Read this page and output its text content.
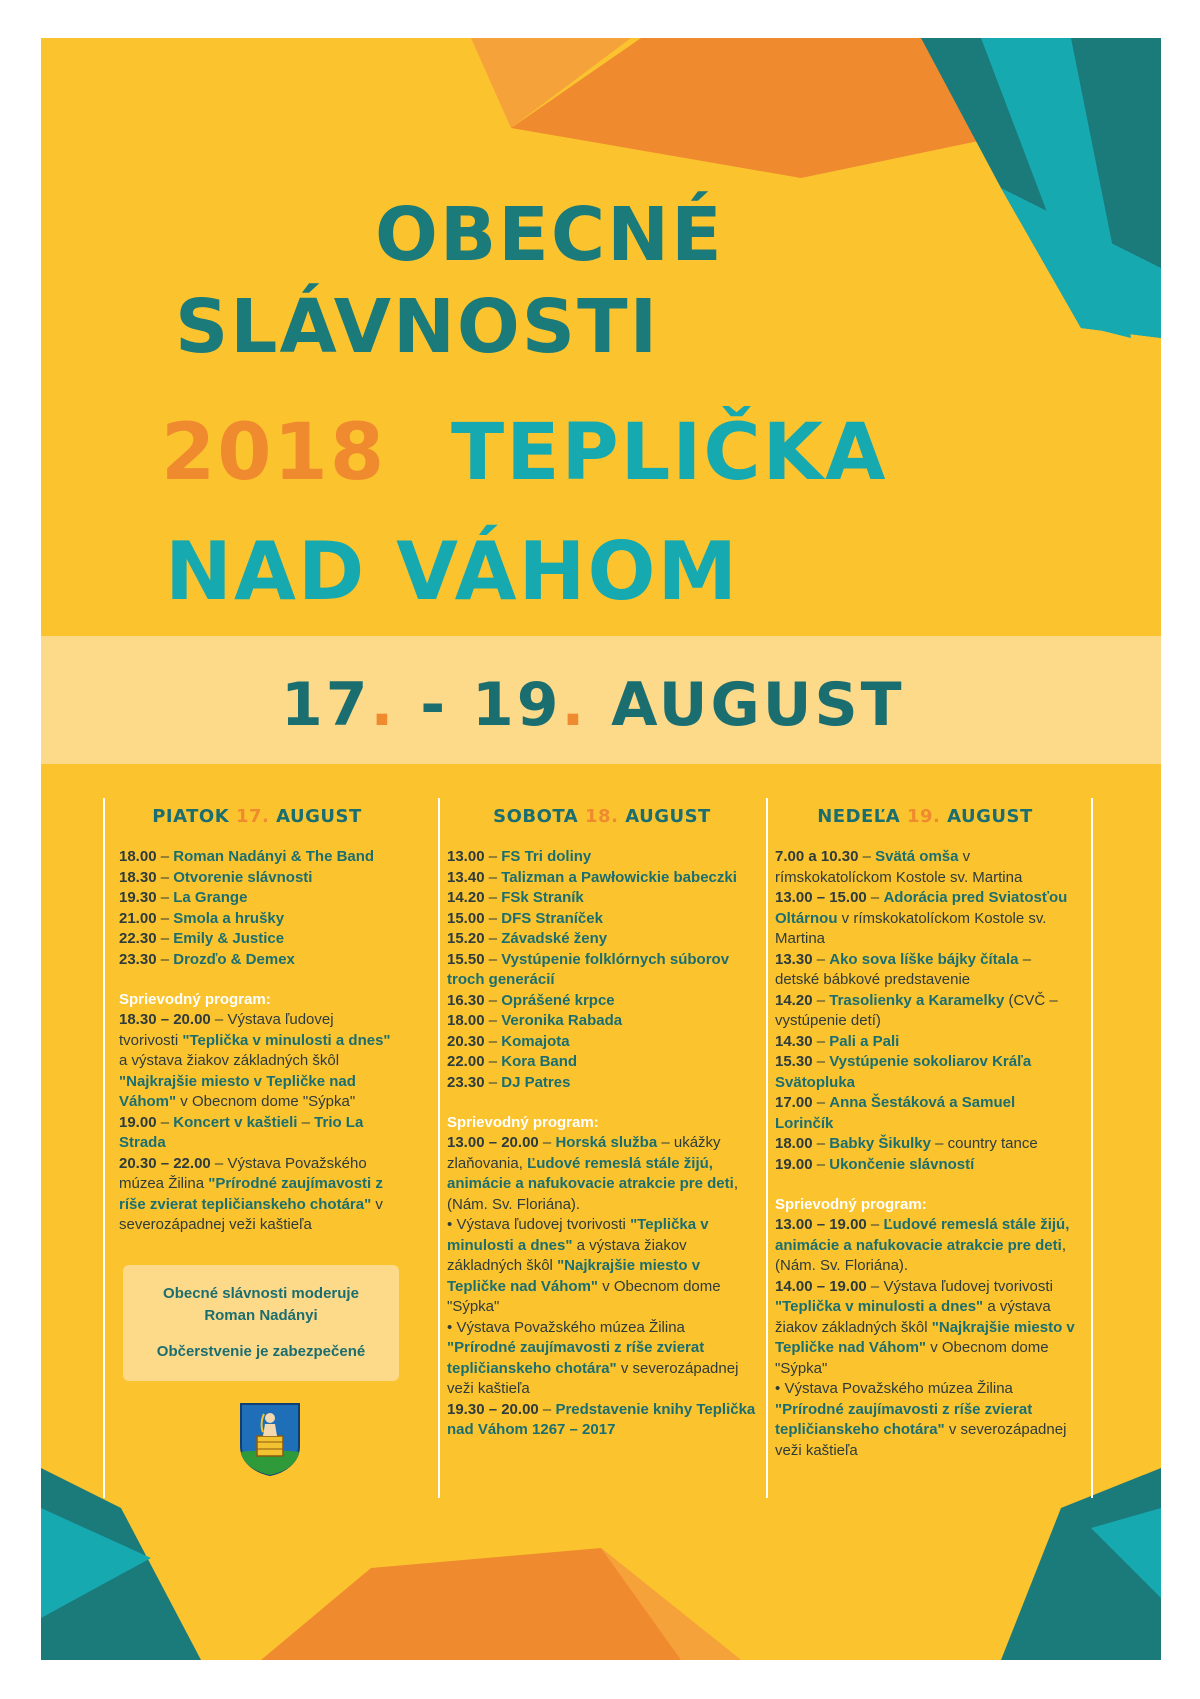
OBECNÉ
SLÁVNOSTI
2018 TEPLIČKA
NAD VÁHOM
17. - 19. AUGUST
PIATOK 17. AUGUST
18.00 – Roman Nadányi & The Band
18.30 – Otvorenie slávnosti
19.30 – La Grange
21.00 – Smola a hrušky
22.30 – Emily & Justice
23.30 – Drozďo & Demex
Sprievodný program:
18.30 – 20.00 – Výstava ľudovej tvorivosti "Teplička v minulosti a dnes" a výstava žiakov základných škôl "Najkrajšie miesto v Tepličke nad Váhom" v Obecnom dome "Sýpka"
19.00 – Koncert v kaštieli – Trio La Strada
20.30 – 22.00 – Výstava Považského múzea Žilina "Prírodné zaujímavosti z ríše zvierat tepličianskeho chotára" v severozápadnej veži kaštieľa
SOBOTA 18. AUGUST
13.00 – FS Tri doliny
13.40 – Talizman a Pawłowickie babeczki
14.20 – FSk Straník
15.00 – DFS Straníček
15.20 – Závadské ženy
15.50 – Vystúpenie folklórnych súborov troch generácií
16.30 – Oprášené krpce
18.00 – Veronika Rabada
20.30 – Komajota
22.00 – Kora Band
23.30 – DJ Patres
Sprievodný program:
13.00 – 20.00 – Horská služba – ukážky zlaňovania, Ľudové remeslá stále žijú, animácie a nafukovacie atrakcie pre deti, (Nám. Sv. Floriána).
• Výstava ľudovej tvorivosti "Teplička v minulosti a dnes" a výstava žiakov základných škôl "Najkrajšie miesto v Tepličke nad Váhom" v Obecnom dome "Sýpka"
• Výstava Považského múzea Žilina "Prírodné zaujímavosti z ríše zvierat tepličianskeho chotára" v severozápadnej veži kaštieľa
19.30 – 20.00 – Predstavenie knihy Teplička nad Váhom 1267 – 2017
NEDEĽA 19. AUGUST
7.00 a 10.30 – Svätá omša v rímskokatolíckom Kostole sv. Martina
13.00 – 15.00 – Adorácia pred Sviatosťou Oltárnou v rímskokatolíckom Kostole sv. Martina
13.30 – Ako sova líške bájky čítala – detské bábkové predstavenie
14.20 – Trasolienky a Karamelky (CVČ – vystúpenie detí)
14.30 – Pali a Pali
15.30 – Vystúpenie sokoliarov Kráľa Svätopluka
17.00 – Anna Šestáková a Samuel Lorinčík
18.00 – Babky Šikulky – country tance
19.00 – Ukončenie slávností
Sprievodný program:
13.00 – 19.00 – Ľudové remeslá stále žijú, animácie a nafukovacie atrakcie pre deti, (Nám. Sv. Floriána).
14.00 – 19.00 – Výstava ľudovej tvorivosti "Teplička v minulosti a dnes" a výstava žiakov základných škôl "Najkrajšie miesto v Tepličke nad Váhom" v Obecnom dome "Sýpka"
• Výstava Považského múzea Žilina "Prírodné zaujímavosti z ríše zvierat tepličianskeho chotára" v severozápadnej veži kaštieľa
Obecné slávnosti moderuje
Roman Nadányi
Občerstvenie je zabezpečené
